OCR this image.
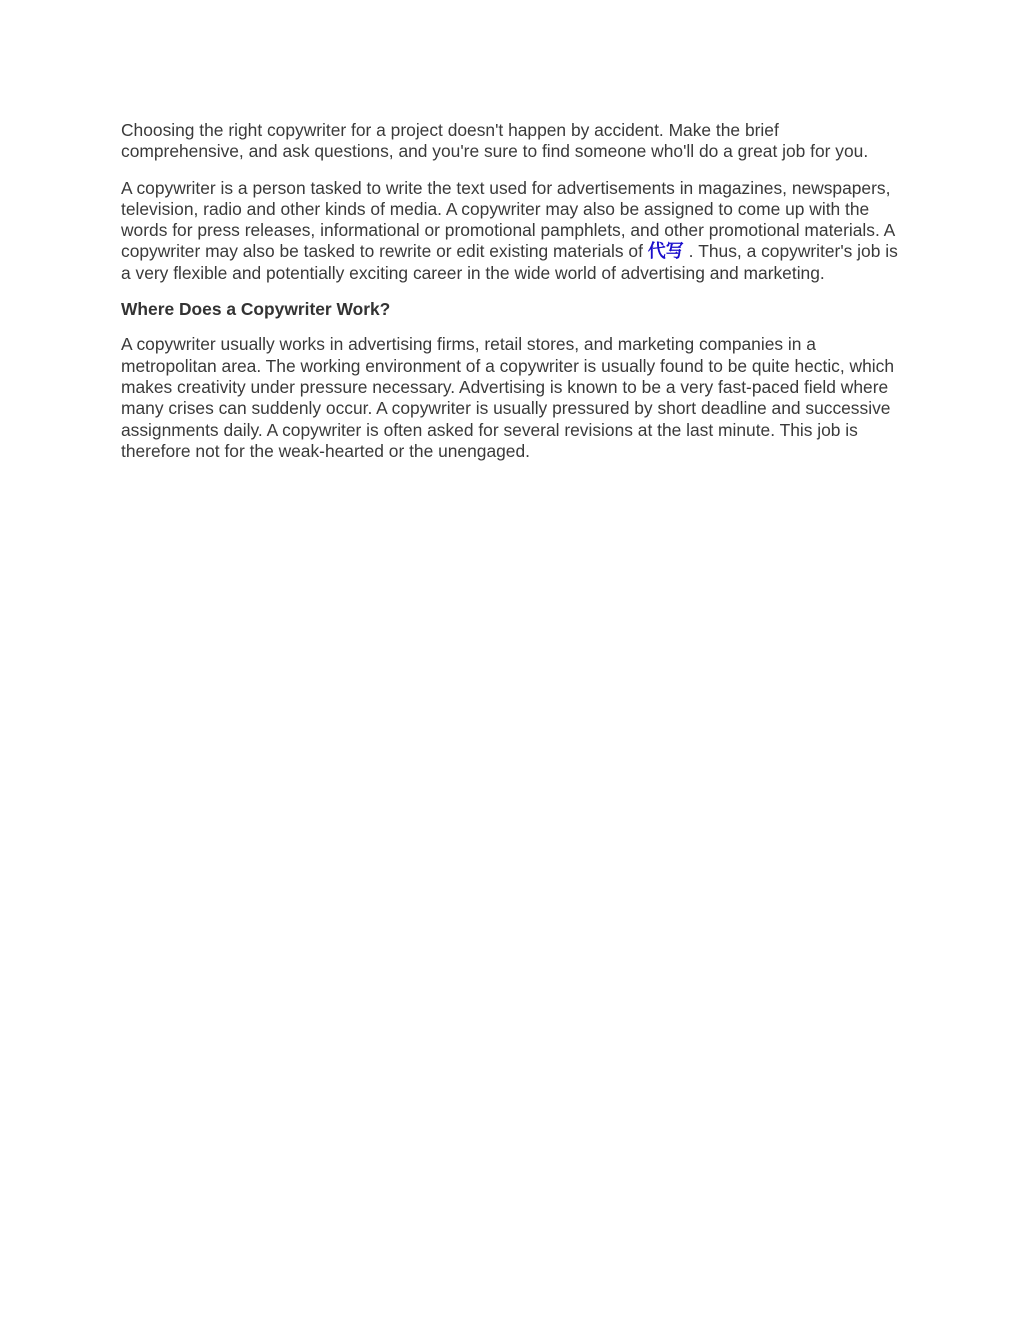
Choosing the right copywriter for a project doesn't happen by accident. Make the brief comprehensive, and ask questions, and you're sure to find someone who'll do a great job for you.

A copywriter is a person tasked to write the text used for advertisements in magazines, newspapers, television, radio and other kinds of media. A copywriter may also be assigned to come up with the words for press releases, informational or promotional pamphlets, and other promotional materials. A copywriter may also be tasked to rewrite or edit existing materials of 代写 . Thus, a copywriter's job is a very flexible and potentially exciting career in the wide world of advertising and marketing.

Where Does a Copywriter Work?

A copywriter usually works in advertising firms, retail stores, and marketing companies in a metropolitan area. The working environment of a copywriter is usually found to be quite hectic, which makes creativity under pressure necessary. Advertising is known to be a very fast-paced field where many crises can suddenly occur. A copywriter is usually pressured by short deadline and successive assignments daily. A copywriter is often asked for several revisions at the last minute. This job is therefore not for the weak-hearted or the unengaged.
